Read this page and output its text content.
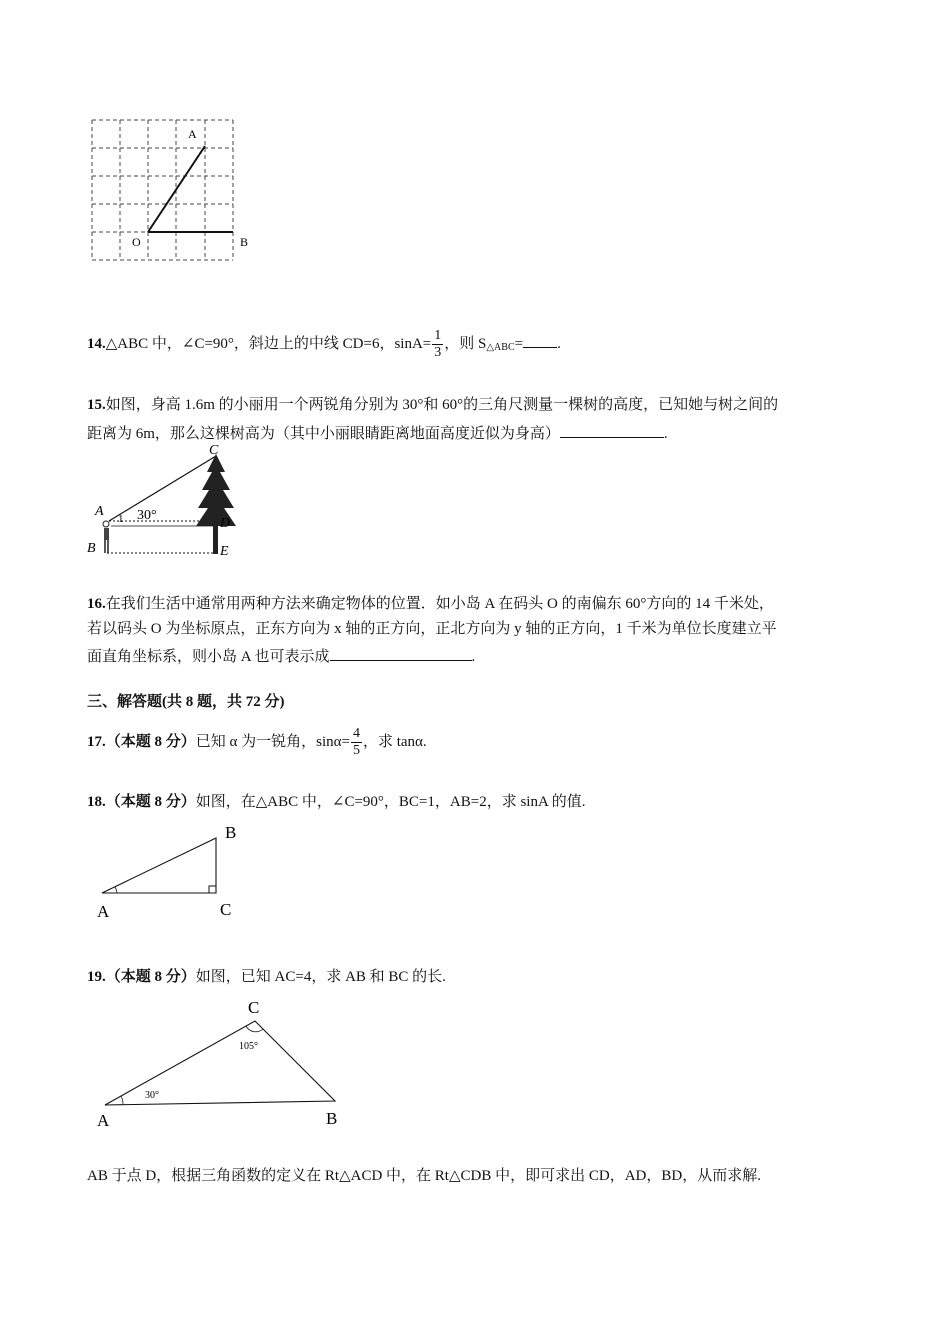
A
O	B
14.△ABC 中，∠C=90°，斜边上的中线 CD=6，$\sin A= \frac{1}{3}$ ，则 $S_{\triangle ABC}=$ .
15.如图，身高 1.6m 的小丽用一个两锐角分别为 30°和 60°的三角尺测量一棵树的高度，已知她与树之间的
距离为 6m，那么这棵树高为（其中小丽眼睛距离地面高度近似为身高）	.
C
A 1 30°
D
B	E
16.在我们生活中通常用两种方法来确定物体的位置．如小岛 A 在码头 O 的南偏东 60°方向的 14 千米处，
若以码头 O 为坐标原点，正东方向为 x 轴的正方向，正北方向为 y 轴的正方向，1 千米为单位长度建立平
面直角坐标系，则小岛 A 也可表示成	.
三、解答题(共 8 题，共 72 分)
17.（本题 8 分）已知 α 为一锐角，$\sin\alpha= \frac{4}{5}$ ，求 tanα.
18.（本题 8 分）如图，在△ABC 中，∠C=90°，BC=1，AB=2，求 sinA 的值.
B
A	C
19.（本题 8 分）如图，已知 AC=4，求 AB 和 BC 的长.
C
105°
30°
A	B
AB 于点 D，根据三角函数的定义在 Rt△ACD 中，在 Rt△CDB 中，即可求出 CD，AD，BD，从而求解.
